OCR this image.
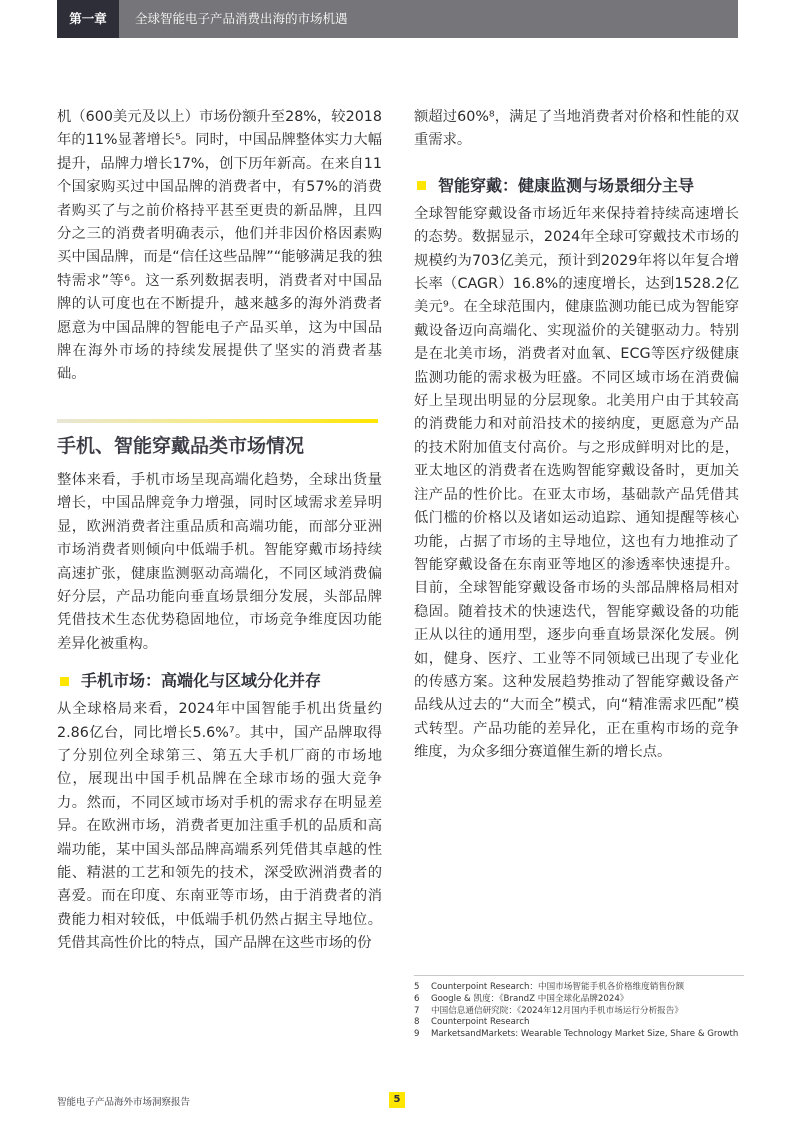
第一章	全球智能电子产品消费出海的市场机遇

机（600美元及以上）市场份额升至28%，较2018年的11%显著增长⁵。同时，中国品牌整体实力大幅提升，品牌力增长17%，创下历年新高。在来自11个国家购买过中国品牌的消费者中，有57%的消费者购买了与之前价格持平甚至更贵的新品牌，且四分之三的消费者明确表示，他们并非因价格因素购买中国品牌，而是“信任这些品牌”“能够满足我的独特需求”等⁶。这一系列数据表明，消费者对中国品牌的认可度也在不断提升，越来越多的海外消费者愿意为中国品牌的智能电子产品买单，这为中国品牌在海外市场的持续发展提供了坚实的消费者基础。

手机、智能穿戴品类市场情况

整体来看，手机市场呈现高端化趋势，全球出货量增长，中国品牌竞争力增强，同时区域需求差异明显，欧洲消费者注重品质和高端功能，而部分亚洲市场消费者则倾向中低端手机。智能穿戴市场持续高速扩张，健康监测驱动高端化，不同区域消费偏好分层，产品功能向垂直场景细分发展，头部品牌凭借技术生态优势稳固地位，市场竞争维度因功能差异化被重构。

手机市场：高端化与区域分化并存

从全球格局来看，2024年中国智能手机出货量约2.86亿台，同比增长5.6%⁷。其中，国产品牌取得了分别位列全球第三、第五大手机厂商的市场地位，展现出中国手机品牌在全球市场的强大竞争力。然而，不同区域市场对手机的需求存在明显差异。在欧洲市场，消费者更加注重手机的品质和高端功能，某中国头部品牌高端系列凭借其卓越的性能、精湛的工艺和领先的技术，深受欧洲消费者的喜爱。而在印度、东南亚等市场，由于消费者的消费能力相对较低，中低端手机仍然占据主导地位。凭借其高性价比的特点，国产品牌在这些市场的份

额超过60%⁸，满足了当地消费者对价格和性能的双重需求。

智能穿戴：健康监测与场景细分主导

全球智能穿戴设备市场近年来保持着持续高速增长的态势。数据显示，2024年全球可穿戴技术市场的规模约为703亿美元，预计到2029年将以年复合增长率（CAGR）16.8%的速度增长，达到1528.2亿美元⁹。在全球范围内，健康监测功能已成为智能穿戴设备迈向高端化、实现溢价的关键驱动力。特别是在北美市场，消费者对血氧、ECG等医疗级健康监测功能的需求极为旺盛。不同区域市场在消费偏好上呈现出明显的分层现象。北美用户由于其较高的消费能力和对前沿技术的接纳度，更愿意为产品的技术附加值支付高价。与之形成鲜明对比的是，亚太地区的消费者在选购智能穿戴设备时，更加关注产品的性价比。在亚太市场，基础款产品凭借其低门槛的价格以及诸如运动追踪、通知提醒等核心功能，占据了市场的主导地位，这也有力地推动了智能穿戴设备在东南亚等地区的渗透率快速提升。目前，全球智能穿戴设备市场的头部品牌格局相对稳固。随着技术的快速迭代，智能穿戴设备的功能正从以往的通用型，逐步向垂直场景深化发展。例如，健身、医疗、工业等不同领域已出现了专业化的传感方案。这种发展趋势推动了智能穿戴设备产品线从过去的“大而全”模式，向“精准需求匹配”模式转型。产品功能的差异化，正在重构市场的竞争维度，为众多细分赛道催生新的增长点。

5	Counterpoint Research：中国市场智能手机各价格维度销售份额
6	Google & 凯度：《BrandZ 中国全球化品牌2024》
7	中国信息通信研究院：《2024年12月国内手机市场运行分析报告》
8	Counterpoint Research
9	MarketsandMarkets: Wearable Technology Market Size, Share & Growth
智能电子产品海外市场洞察报告	5
